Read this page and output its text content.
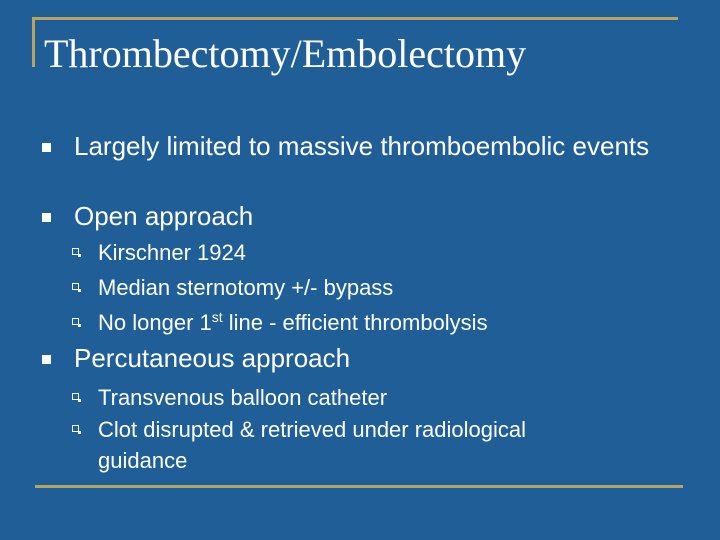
Thrombectomy/Embolectomy
Largely limited to massive thromboembolic events
Open approach
Kirschner 1924
Median sternotomy +/- bypass
No longer 1st line - efficient thrombolysis
Percutaneous approach
Transvenous balloon catheter
Clot disrupted & retrieved under radiological guidance
